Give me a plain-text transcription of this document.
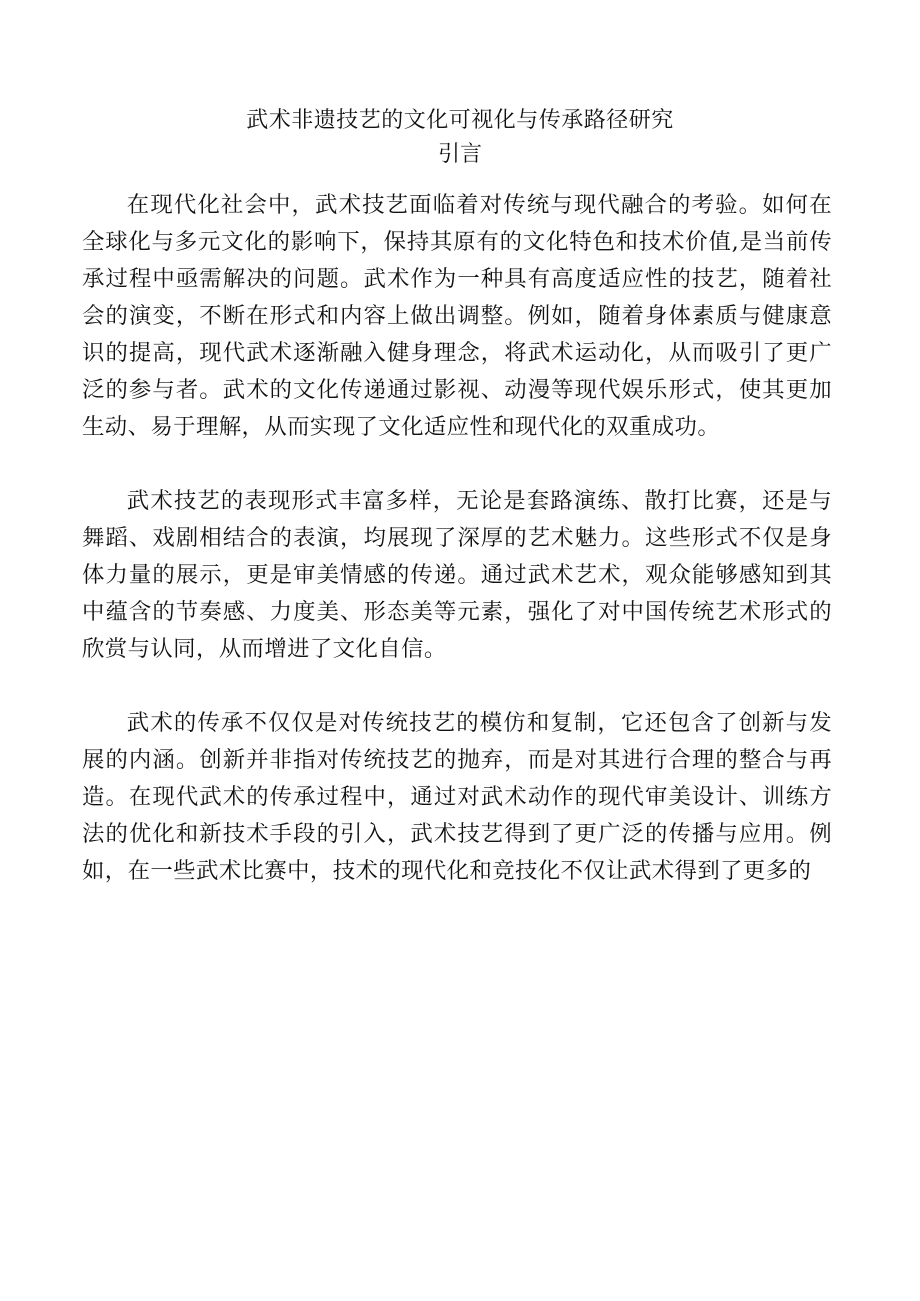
武术非遗技艺的文化可视化与传承路径研究
引言

在现代化社会中，武术技艺面临着对传统与现代融合的考验。如何在全球化与多元文化的影响下，保持其原有的文化特色和技术价值,是当前传承过程中亟需解决的问题。武术作为一种具有高度适应性的技艺，随着社会的演变，不断在形式和内容上做出调整。例如，随着身体素质与健康意识的提高，现代武术逐渐融入健身理念，将武术运动化，从而吸引了更广泛的参与者。武术的文化传递通过影视、动漫等现代娱乐形式，使其更加生动、易于理解，从而实现了文化适应性和现代化的双重成功。

武术技艺的表现形式丰富多样，无论是套路演练、散打比赛，还是与舞蹈、戏剧相结合的表演，均展现了深厚的艺术魅力。这些形式不仅是身体力量的展示，更是审美情感的传递。通过武术艺术，观众能够感知到其中蕴含的节奏感、力度美、形态美等元素，强化了对中国传统艺术形式的欣赏与认同，从而增进了文化自信。

武术的传承不仅仅是对传统技艺的模仿和复制，它还包含了创新与发展的内涵。创新并非指对传统技艺的抛弃，而是对其进行合理的整合与再造。在现代武术的传承过程中，通过对武术动作的现代审美设计、训练方法的优化和新技术手段的引入，武术技艺得到了更广泛的传播与应用。例如，在一些武术比赛中，技术的现代化和竞技化不仅让武术得到了更多的
